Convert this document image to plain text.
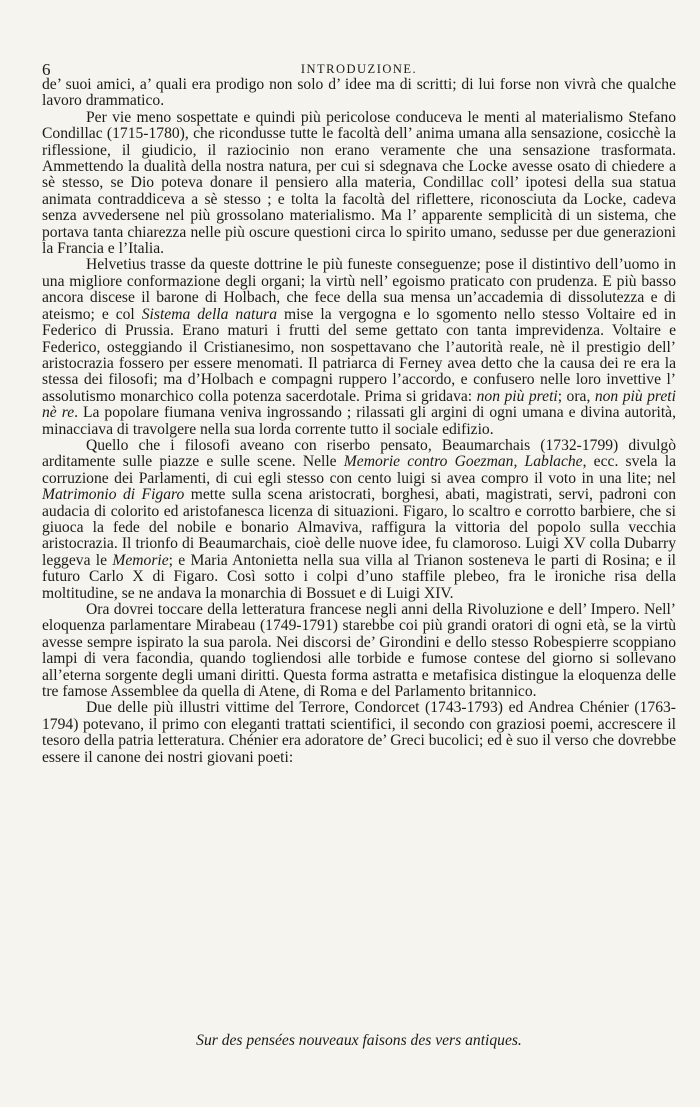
6	INTRODUZIONE.

de’ suoi amici, a’ quali era prodigo non solo d’ idee ma di scritti; di lui forse non vivrà che qualche lavoro drammatico.

Per vie meno sospettate e quindi più pericolose conduceva le menti al materialismo Stefano Condillac (1715-1780), che ricondusse tutte le facoltà dell’ anima umana alla sensazione, cosicchè la riflessione, il giudicio, il raziocinio non erano veramente che una sensazione trasformata. Ammettendo la dualità della nostra natura, per cui si sdegnava che Locke avesse osato di chiedere a sè stesso, se Dio poteva donare il pensiero alla materia, Condillac coll’ ipotesi della sua statua animata contraddiceva a sè stesso ; e tolta la facoltà del riflettere, riconosciuta da Locke, cadeva senza avvedersene nel più grossolano materialismo. Ma l’ apparente semplicità di un sistema, che portava tanta chiarezza nelle più oscure questioni circa lo spirito umano, sedusse per due generazioni la Francia e l’Italia.

Helvetius trasse da queste dottrine le più funeste conseguenze; pose il distintivo dell’uomo in una migliore conformazione degli organi; la virtù nell’ egoismo praticato con prudenza. E più basso ancora discese il barone di Holbach, che fece della sua mensa un’accademia di dissolutezza e di ateismo; e col Sistema della natura mise la vergogna e lo sgomento nello stesso Voltaire ed in Federico di Prussia. Erano maturi i frutti del seme gettato con tanta imprevidenza. Voltaire e Federico, osteggiando il Cristianesimo, non sospettavano che l’autorità reale, nè il prestigio dell’ aristocrazia fossero per essere menomati. Il patriarca di Ferney avea detto che la causa dei re era la stessa dei filosofi; ma d’Holbach e compagni ruppero l’accordo, e confusero nelle loro invettive l’ assolutismo monarchico colla potenza sacerdotale. Prima si gridava: non più preti; ora, non più preti nè re. La popolare fiumana veniva ingrossando ; rilassati gli argini di ogni umana e divina autorità, minacciava di travolgere nella sua lorda corrente tutto il sociale edifizio.

Quello che i filosofi aveano con riserbo pensato, Beaumarchais (1732-1799) divulgò arditamente sulle piazze e sulle scene. Nelle Memorie contro Goezman, Lablache, ecc. svela la corruzione dei Parlamenti, di cui egli stesso con cento luigi si avea compro il voto in una lite; nel Matrimonio di Figaro mette sulla scena aristocrati, borghesi, abati, magistrati, servi, padroni con audacia di colorito ed aristofanesca licenza di situazioni. Figaro, lo scaltro e corrotto barbiere, che si giuoca la fede del nobile e bonario Almaviva, raffigura la vittoria del popolo sulla vecchia aristocrazia. Il trionfo di Beaumarchais, cioè delle nuove idee, fu clamoroso. Luigi XV colla Dubarry leggeva le Memorie; e Maria Antonietta nella sua villa al Trianon sosteneva le parti di Rosina; e il futuro Carlo X di Figaro. Così sotto i colpi d’uno staffile plebeo, fra le ironiche risa della moltitudine, se ne andava la monarchia di Bossuet e di Luigi XIV.

Ora dovrei toccare della letteratura francese negli anni della Rivoluzione e dell’ Impero. Nell’ eloquenza parlamentare Mirabeau (1749-1791) starebbe coi più grandi oratori di ogni età, se la virtù avesse sempre ispirato la sua parola. Nei discorsi de’ Girondini e dello stesso Robespierre scoppiano lampi di vera facondia, quando togliendosi alle torbide e fumose contese del giorno si sollevano all’eterna sorgente degli umani diritti. Questa forma astratta e metafisica distingue la eloquenza delle tre famose Assemblee da quella di Atene, di Roma e del Parlamento britannico.

Due delle più illustri vittime del Terrore, Condorcet (1743-1793) ed Andrea Chénier (1763-1794) potevano, il primo con eleganti trattati scientifici, il secondo con graziosi poemi, accrescere il tesoro della patria letteratura. Chénier era adoratore de’ Greci bucolici; ed è suo il verso che dovrebbe essere il canone dei nostri giovani poeti:

Sur des pensées nouveaux faisons des vers antiques.
